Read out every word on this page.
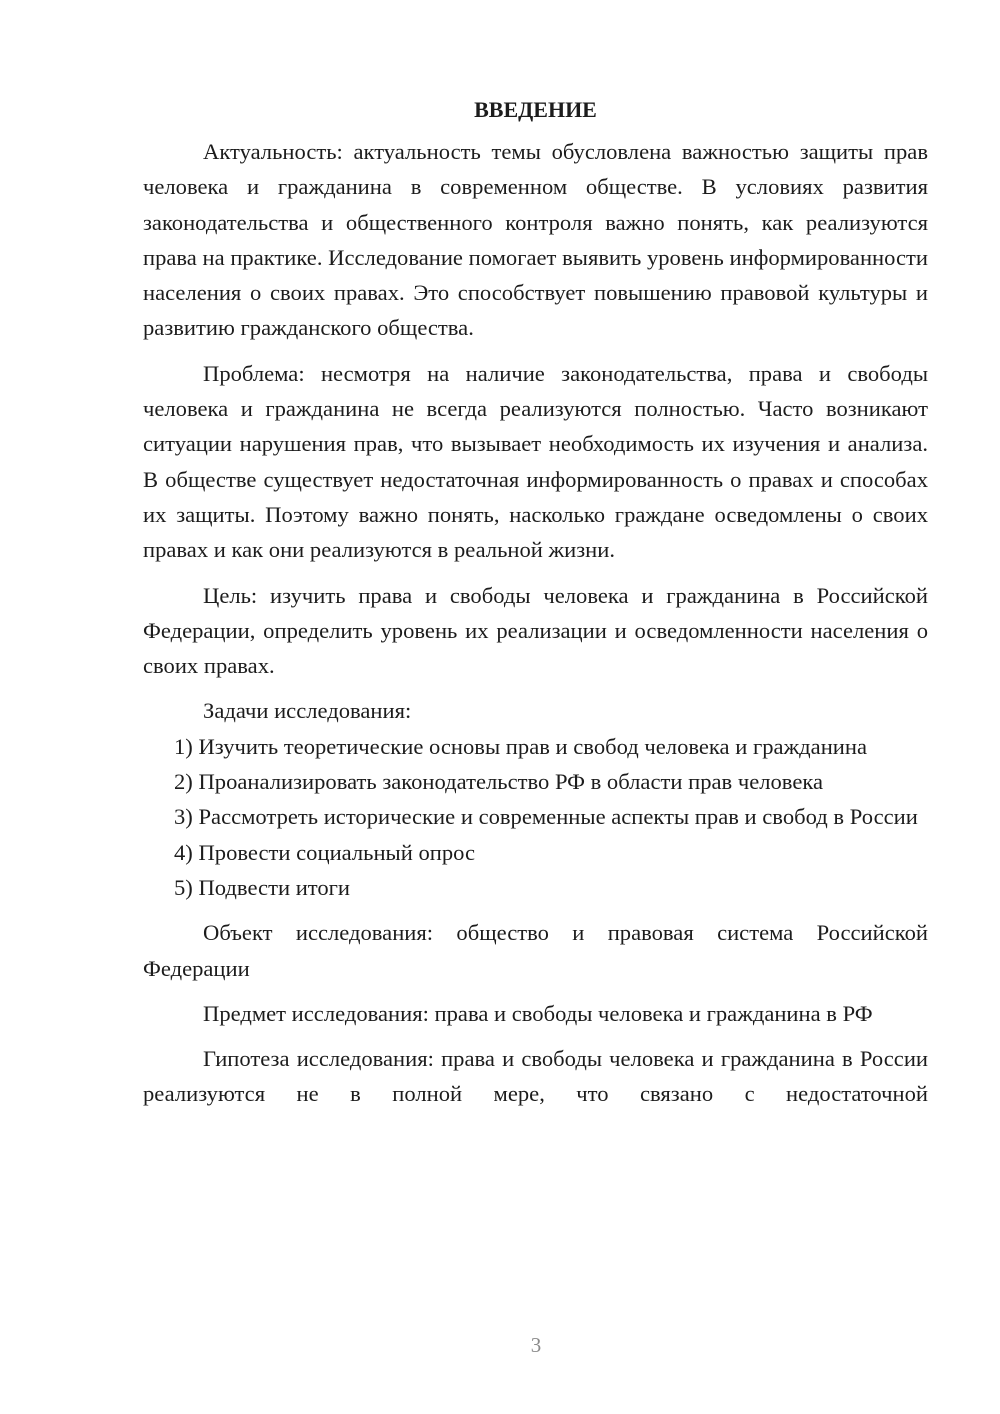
ВВЕДЕНИЕ

Актуальность: актуальность темы обусловлена важностью защиты прав человека и гражданина в современном обществе. В условиях развития законодательства и общественного контроля важно понять, как реализуются права на практике. Исследование помогает выявить уровень информированности населения о своих правах. Это способствует повышению правовой культуры и развитию гражданского общества.

Проблема: несмотря на наличие законодательства, права и свободы человека и гражданина не всегда реализуются полностью. Часто возникают ситуации нарушения прав, что вызывает необходимость их изучения и анализа. В обществе существует недостаточная информированность о правах и способах их защиты. Поэтому важно понять, насколько граждане осведомлены о своих правах и как они реализуются в реальной жизни.

Цель: изучить права и свободы человека и гражданина в Российской Федерации, определить уровень их реализации и осведомленности населения о своих правах.

Задачи исследования:

1) Изучить теоретические основы прав и свобод человека и гражданина

2) Проанализировать законодательство РФ в области прав человека

3) Рассмотреть исторические и современные аспекты прав и свобод в России

4) Провести социальный опрос

5) Подвести итоги

Объект исследования: общество и правовая система Российской Федерации

Предмет исследования: права и свободы человека и гражданина в РФ

Гипотеза исследования: права и свободы человека и гражданина в России реализуются не в полной мере, что связано с недостаточной

3
